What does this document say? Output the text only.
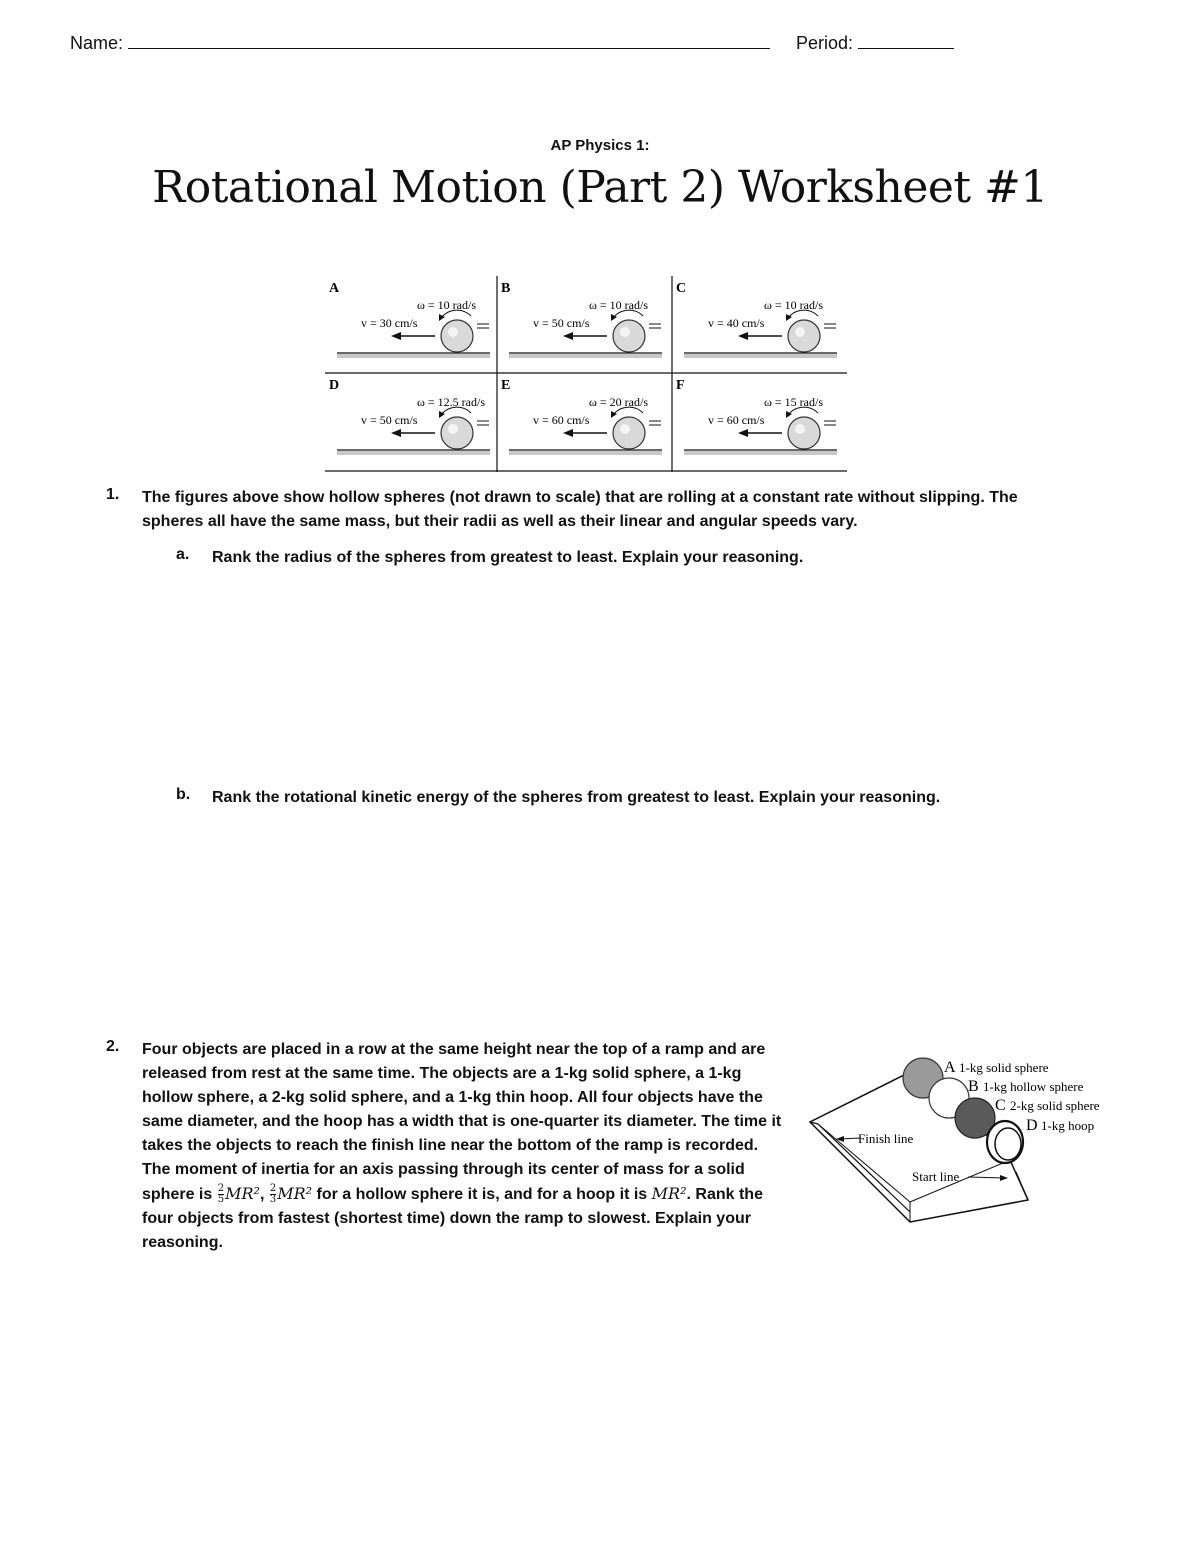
Name:	Period:
AP Physics 1:
Rotational Motion (Part 2) Worksheet #1
A
ω = 10 rad/s
v = 30 cm/s
B
ω = 10 rad/s
v = 50 cm/s
C
ω = 10 rad/s
v = 40 cm/s
D
ω = 12.5 rad/s
v = 50 cm/s
E
ω = 20 rad/s
v = 60 cm/s
F
ω = 15 rad/s
v = 60 cm/s
1. The figures above show hollow spheres (not drawn to scale) that are rolling at a constant rate without slipping. The spheres all have the same mass, but their radii as well as their linear and angular speeds vary.
a. Rank the radius of the spheres from greatest to least. Explain your reasoning.
b. Rank the rotational kinetic energy of the spheres from greatest to least. Explain your reasoning.
2. Four objects are placed in a row at the same height near the top of a ramp and are released from rest at the same time. The objects are a 1-kg solid sphere, a 1-kg hollow sphere, a 2-kg solid sphere, and a 1-kg thin hoop. All four objects have the same diameter, and the hoop has a width that is one-quarter its diameter. The time it takes the objects to reach the finish line near the bottom of the ramp is recorded. The moment of inertia for an axis passing through its center of mass for a solid sphere is $\frac{2}{5} MR^2$, $\frac{2}{3} MR^2$ for a hollow sphere it is, and for a hoop it is MR². Rank the four objects from fastest (shortest time) down the ramp to slowest. Explain your reasoning.
A 1-kg solid sphere
B 1-kg hollow sphere
C 2-kg solid sphere
D 1-kg hoop
Finish line
Start line
